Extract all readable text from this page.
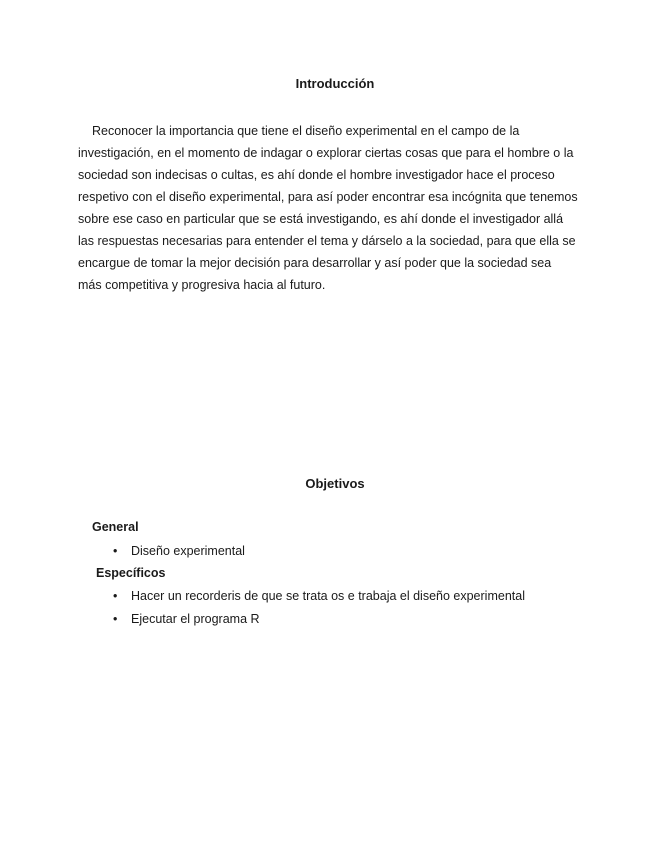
Introducción

Reconocer la importancia que tiene el diseño experimental en el campo de la investigación, en el momento de indagar o explorar ciertas cosas que para el hombre o la sociedad son indecisas o cultas, es ahí donde el hombre investigador hace el proceso respetivo con el diseño experimental, para así poder encontrar esa incógnita que tenemos sobre ese caso en particular que se está investigando, es ahí donde el investigador allá las respuestas necesarias para entender el tema y dárselo a la sociedad, para que ella se encargue de tomar la mejor decisión para desarrollar y así poder que la sociedad sea más competitiva y progresiva hacia al futuro.

Objetivos
General
• Diseño experimental
Específicos
• Hacer un recorderis de que se trata os e trabaja el diseño experimental
• Ejecutar el programa R
